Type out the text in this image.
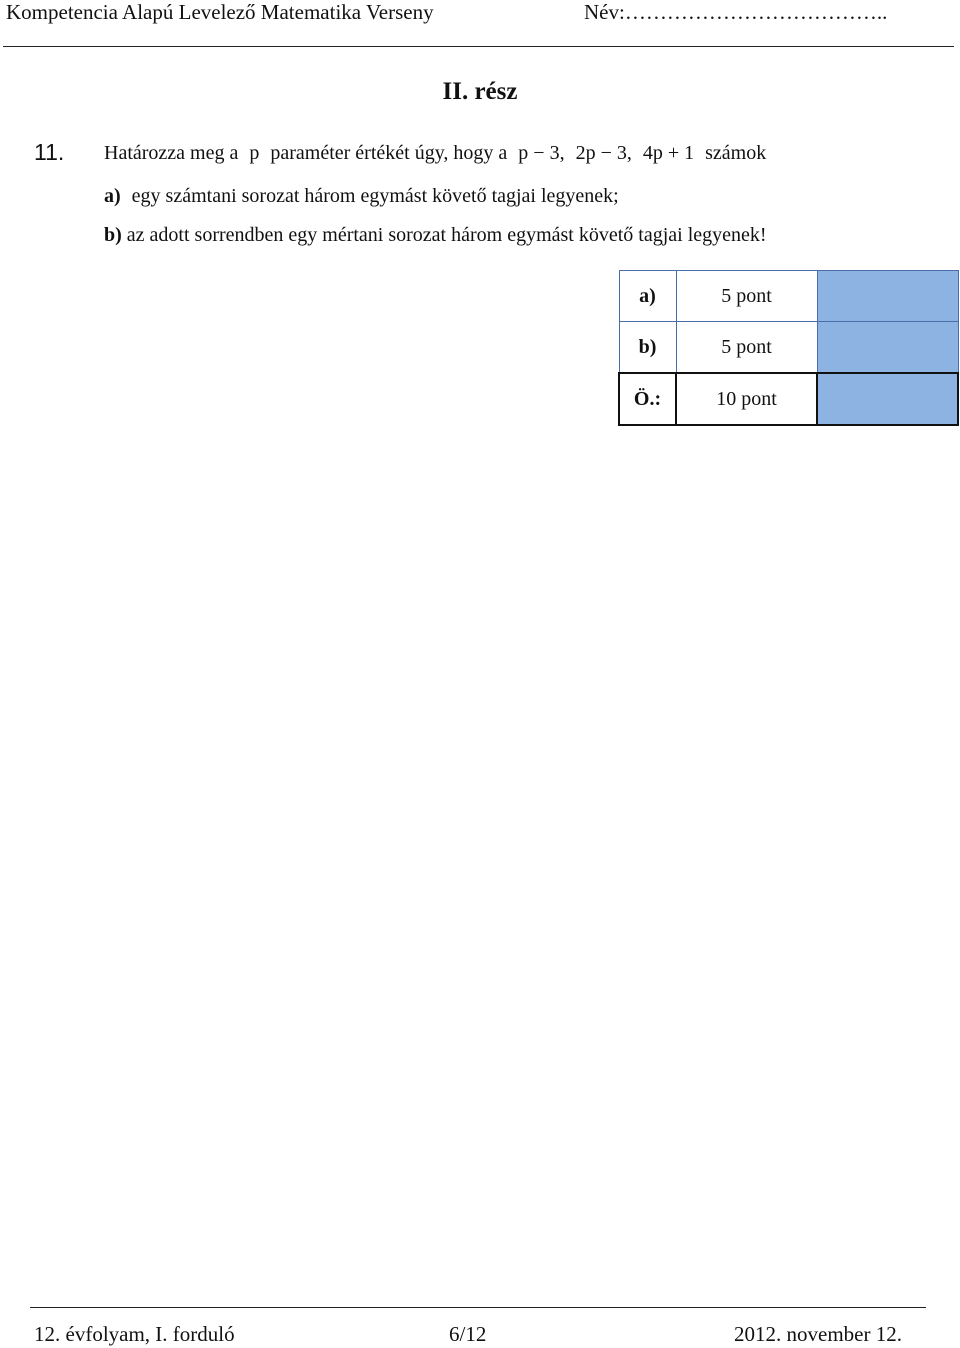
Kompetencia Alapú Levelező Matematika Verseny	Név:………………………………..
II. rész
11. Határozza meg a p paraméter értékét úgy, hogy a p − 3, 2p − 3, 4p + 1 számok
a) egy számtani sorozat három egymást követő tagjai legyenek;
b) az adott sorrendben egy mértani sorozat három egymást követő tagjai legyenek!
a)	5 pont	
b)	5 pont	
Ö.:	10 pont	
12. évfolyam, I. forduló	6/12	2012. november 12.
